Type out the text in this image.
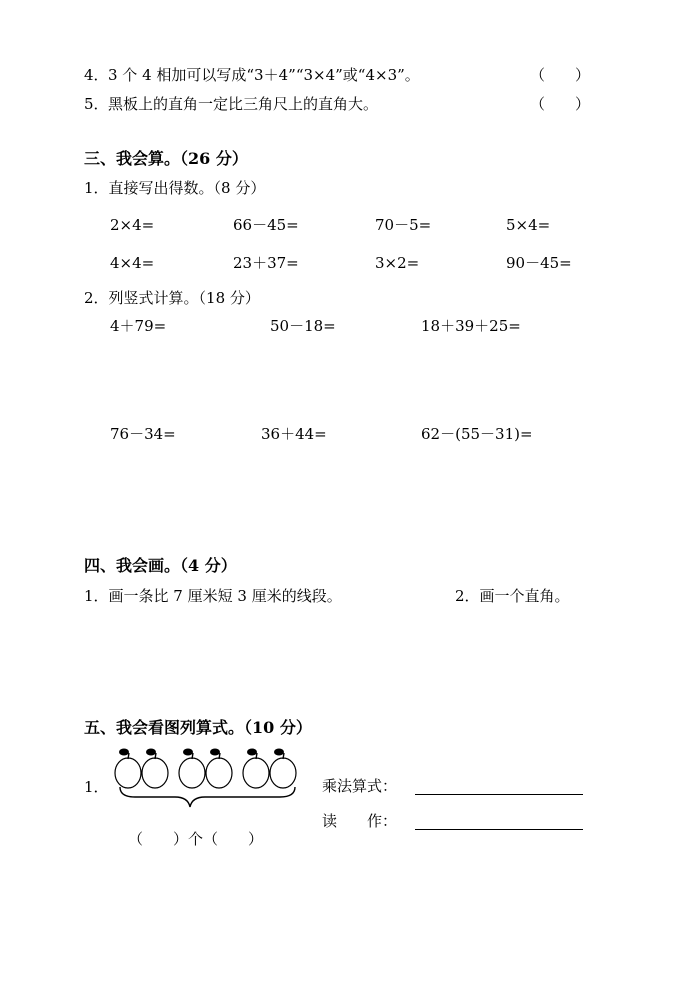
4． 3 个 4 相加可以写成“3＋4”“3×4”或“4×3”。	（　　）
5． 黑板上的直角一定比三角尺上的直角大。	（　　）
三、我会算。（26 分）
1．直接写出得数。（8 分）
2×4=	66－45=	70－5=	5×4=
4×4=	23＋37=	3×2=	90－45=
2．列竖式计算。（18 分）
4＋79=	50－18=	18＋39＋25=
76－34=	36＋44=	62－(55－31)=
四、我会画。（4 分）
1．画一条比 7 厘米短 3 厘米的线段。	2．画一个直角。
五、我会看图列算式。（10 分）
1．
（　　）个（　　）
乘法算式：
读　　作：
